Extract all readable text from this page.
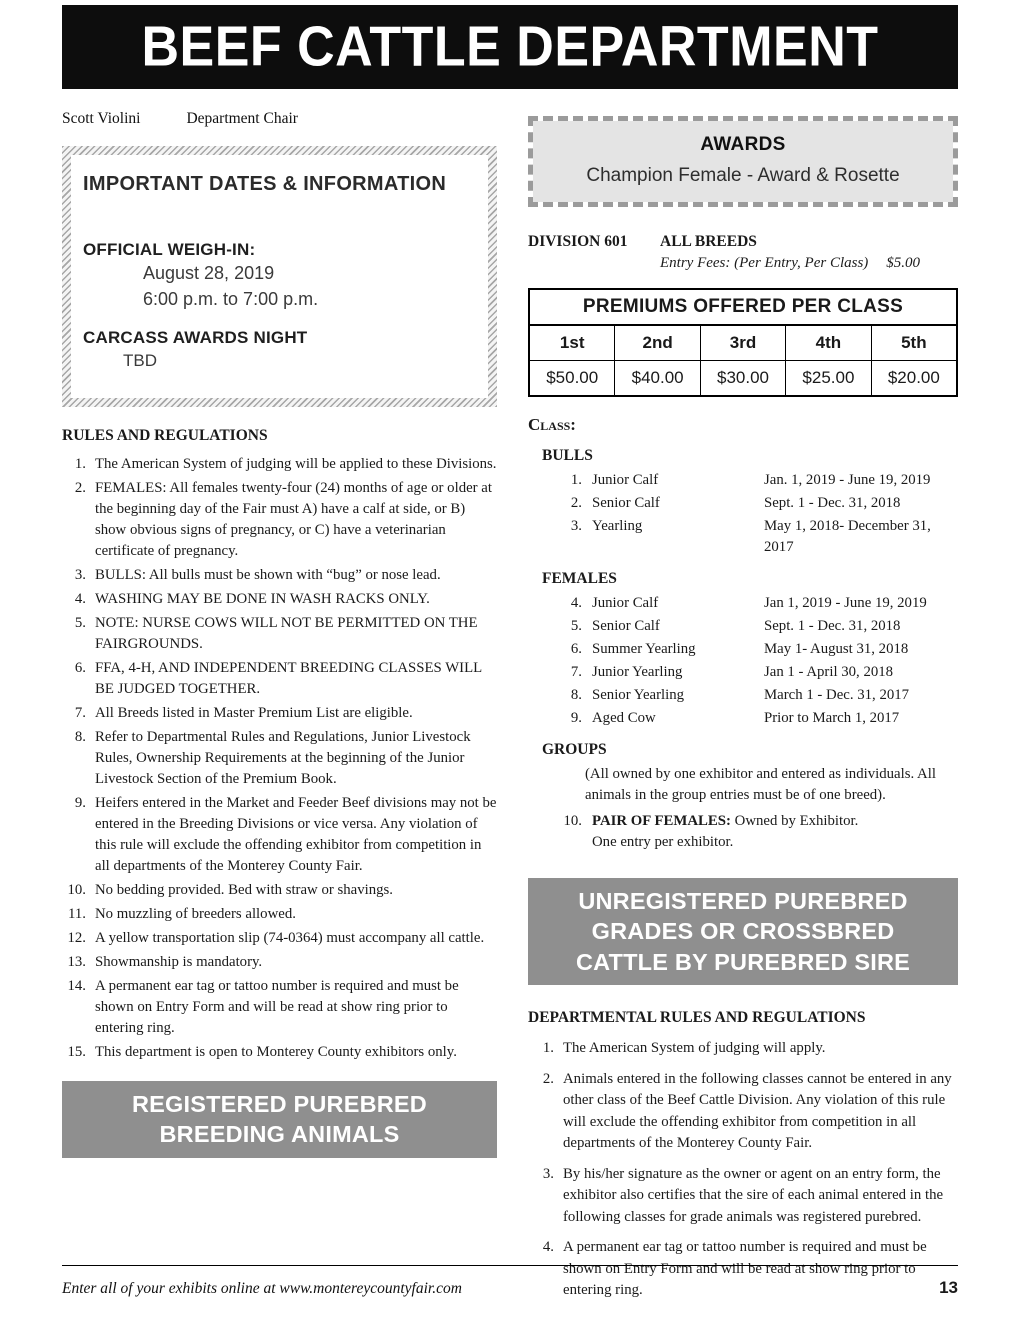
BEEF CATTLE DEPARTMENT
Scott Violini	Department Chair
IMPORTANT DATES & INFORMATION
OFFICIAL WEIGH-IN:
August 28, 2019
6:00 p.m. to 7:00 p.m.
CARCASS AWARDS NIGHT
TBD
RULES AND REGULATIONS
1. The American System of judging will be applied to these Divisions.
2. FEMALES: All females twenty-four (24) months of age or older at the beginning day of the Fair must A) have a calf at side, or B) show obvious signs of pregnancy, or C) have a veterinarian certificate of pregnancy.
3. BULLS: All bulls must be shown with “bug” or nose lead.
4. WASHING MAY BE DONE IN WASH RACKS ONLY.
5. NOTE: NURSE COWS WILL NOT BE PERMITTED ON THE FAIRGROUNDS.
6. FFA, 4-H, AND INDEPENDENT BREEDING CLASSES WILL BE JUDGED TOGETHER.
7. All Breeds listed in Master Premium List are eligible.
8. Refer to Departmental Rules and Regulations, Junior Livestock Rules, Ownership Requirements at the beginning of the Junior Livestock Section of the Premium Book.
9. Heifers entered in the Market and Feeder Beef divisions may not be entered in the Breeding Divisions or vice versa. Any violation of this rule will exclude the offending exhibitor from competition in all departments of the Monterey County Fair.
10. No bedding provided. Bed with straw or shavings.
11. No muzzling of breeders allowed.
12. A yellow transportation slip (74-0364) must accompany all cattle.
13. Showmanship is mandatory.
14. A permanent ear tag or tattoo number is required and must be shown on Entry Form and will be read at show ring prior to entering ring.
15. This department is open to Monterey County exhibitors only.
REGISTERED PUREBRED
BREEDING ANIMALS
AWARDS
Champion Female - Award & Rosette
DIVISION 601	ALL BREEDS
Entry Fees: (Per Entry, Per Class) $5.00
PREMIUMS OFFERED PER CLASS
1st	2nd	3rd	4th	5th
$50.00	$40.00	$30.00	$25.00	$20.00
Class:
BULLS
1. Junior Calf	Jan. 1, 2019 - June 19, 2019
2. Senior Calf	Sept. 1 - Dec. 31, 2018
3. Yearling	May 1, 2018- December 31, 2017
FEMALES
4. Junior Calf	Jan 1, 2019 - June 19, 2019
5. Senior Calf	Sept. 1 - Dec. 31, 2018
6. Summer Yearling	May 1- August 31, 2018
7. Junior Yearling	Jan 1 - April 30, 2018
8. Senior Yearling	March 1 - Dec. 31, 2017
9. Aged Cow	Prior to March 1, 2017
GROUPS
(All owned by one exhibitor and entered as individuals. All animals in the group entries must be of one breed).
10. PAIR OF FEMALES: Owned by Exhibitor.
One entry per exhibitor.
UNREGISTERED PUREBRED
GRADES OR CROSSBRED
CATTLE BY PUREBRED SIRE
DEPARTMENTAL RULES AND REGULATIONS
1. The American System of judging will apply.
2. Animals entered in the following classes cannot be entered in any other class of the Beef Cattle Division. Any violation of this rule will exclude the offending exhibitor from competition in all departments of the Monterey County Fair.
3. By his/her signature as the owner or agent on an entry form, the exhibitor also certifies that the sire of each animal entered in the following classes for grade animals was registered purebred.
4. A permanent ear tag or tattoo number is required and must be shown on Entry Form and will be read at show ring prior to entering ring.
Enter all of your exhibits online at www.montereycountyfair.com	13
